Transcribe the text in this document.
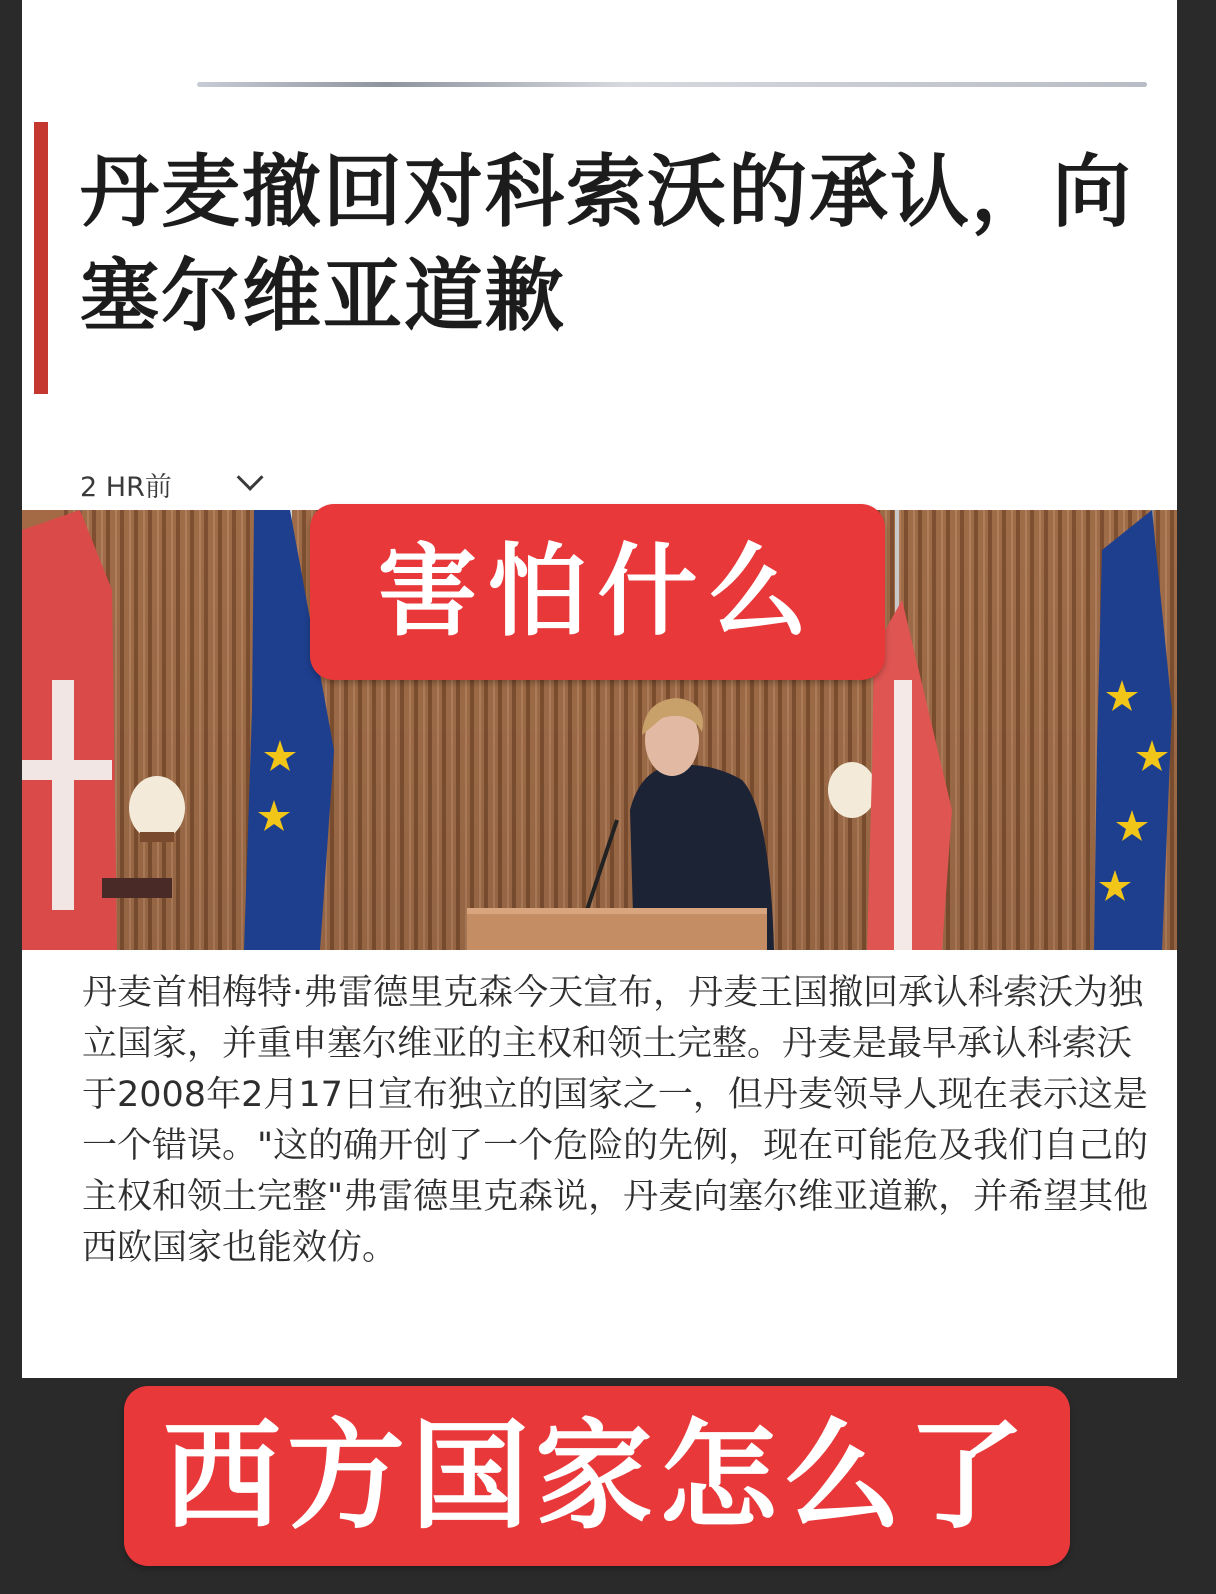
丹麦撤回对科索沃的承认，向塞尔维亚道歉
2 HR前

丹麦首相梅特·弗雷德里克森今天宣布，丹麦王国撤回承认科索沃为独立国家，并重申塞尔维亚的主权和领土完整。丹麦是最早承认科索沃于2008年2月17日宣布独立的国家之一，但丹麦领导人现在表示这是一个错误。"这的确开创了一个危险的先例，现在可能危及我们自己的主权和领土完整"弗雷德里克森说，丹麦向塞尔维亚道歉，并希望其他西欧国家也能效仿。

害怕什么
西方国家怎么了
